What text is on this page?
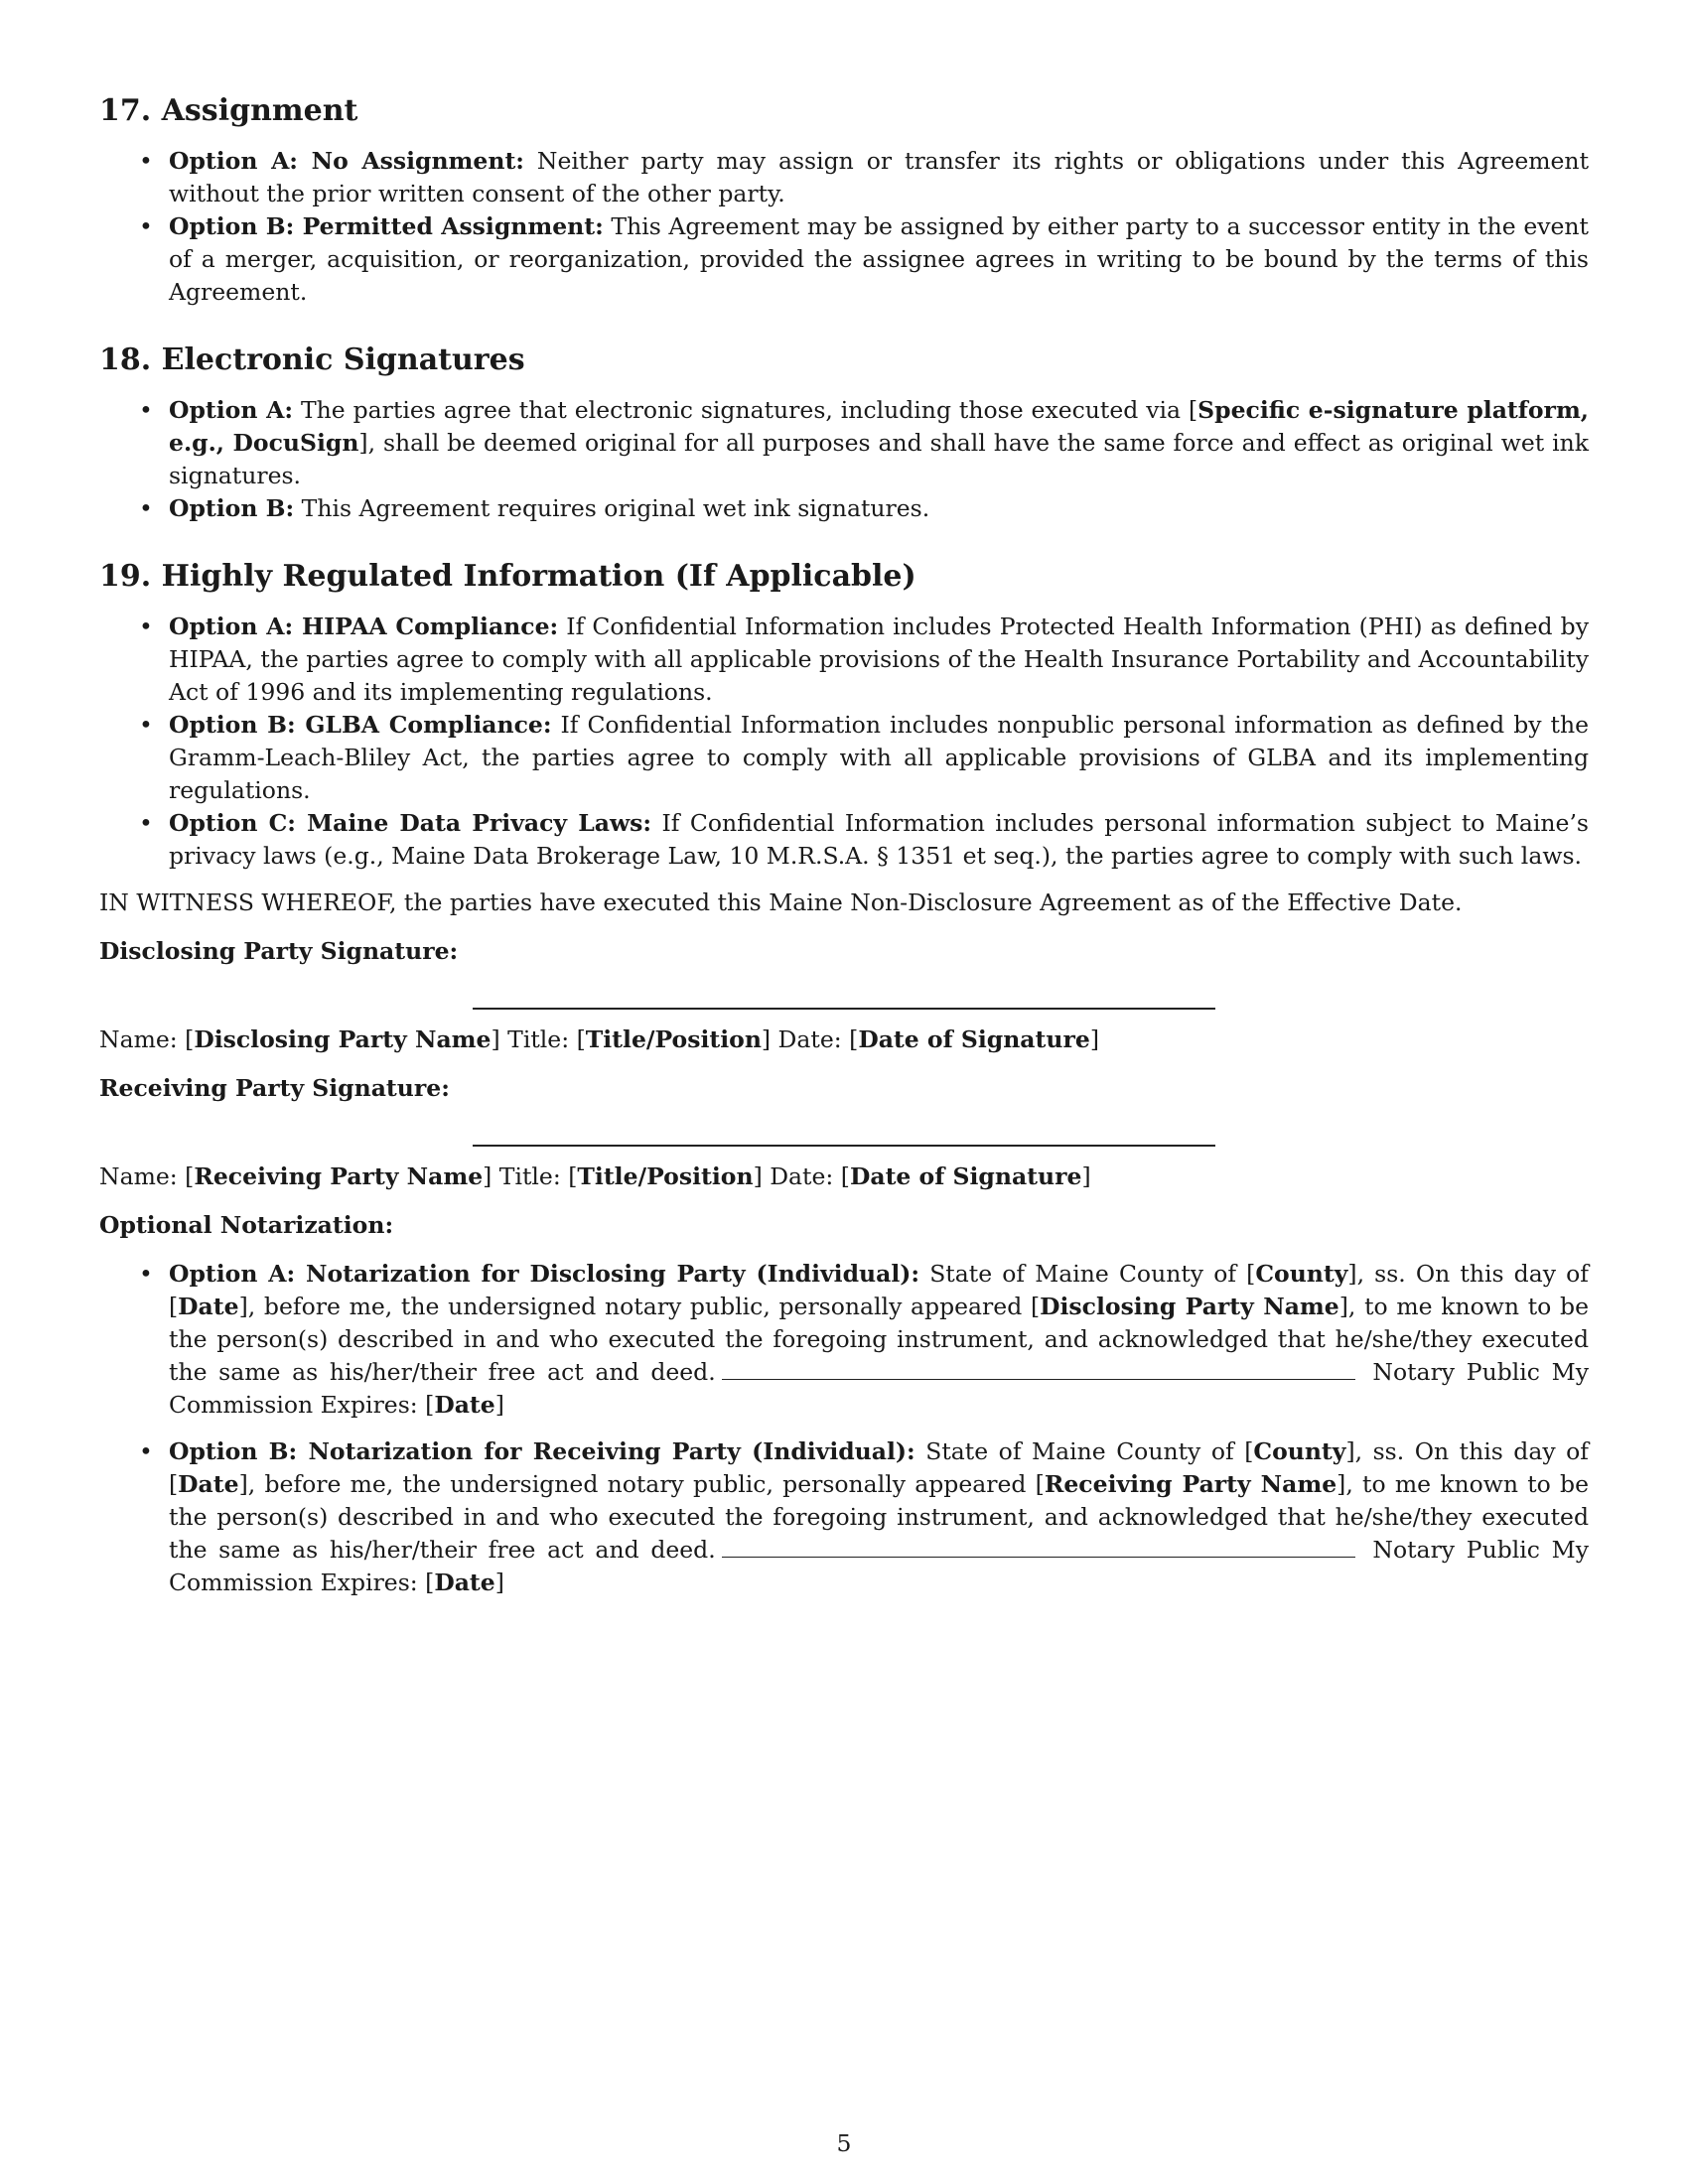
17. Assignment
• Option A: No Assignment: Neither party may assign or transfer its rights or obligations under this Agreement without the prior written consent of the other party.
• Option B: Permitted Assignment: This Agreement may be assigned by either party to a successor entity in the event of a merger, acquisition, or reorganization, provided the assignee agrees in writing to be bound by the terms of this Agreement.
18. Electronic Signatures
• Option A: The parties agree that electronic signatures, including those executed via [Specific e-signature platform, e.g., DocuSign], shall be deemed original for all purposes and shall have the same force and effect as original wet ink signatures.
• Option B: This Agreement requires original wet ink signatures.
19. Highly Regulated Information (If Applicable)
• Option A: HIPAA Compliance: If Confidential Information includes Protected Health Information (PHI) as defined by HIPAA, the parties agree to comply with all applicable provisions of the Health Insurance Portability and Accountability Act of 1996 and its implementing regulations.
• Option B: GLBA Compliance: If Confidential Information includes nonpublic personal information as defined by the Gramm-Leach-Bliley Act, the parties agree to comply with all applicable provisions of GLBA and its implementing regulations.
• Option C: Maine Data Privacy Laws: If Confidential Information includes personal information subject to Maine’s privacy laws (e.g., Maine Data Brokerage Law, 10 M.R.S.A. § 1351 et seq.), the parties agree to comply with such laws.

IN WITNESS WHEREOF, the parties have executed this Maine Non-Disclosure Agreement as of the Effective Date.

Disclosing Party Signature:

Name: [Disclosing Party Name] Title: [Title/Position] Date: [Date of Signature]

Receiving Party Signature:

Name: [Receiving Party Name] Title: [Title/Position] Date: [Date of Signature]

Optional Notarization:

• Option A: Notarization for Disclosing Party (Individual): State of Maine County of [County], ss. On this day of [Date], before me, the undersigned notary public, personally appeared [Disclosing Party Name], to me known to be the person(s) described in and who executed the foregoing instrument, and acknowledged that he/she/they executed the same as his/her/their free act and deed.	Notary Public My Commission Expires: [Date]
• Option B: Notarization for Receiving Party (Individual): State of Maine County of [County], ss. On this day of [Date], before me, the undersigned notary public, personally appeared [Receiving Party Name], to me known to be the person(s) described in and who executed the foregoing instrument, and acknowledged that he/she/they executed the same as his/her/their free act and deed.	Notary Public My Commission Expires: [Date]
5
